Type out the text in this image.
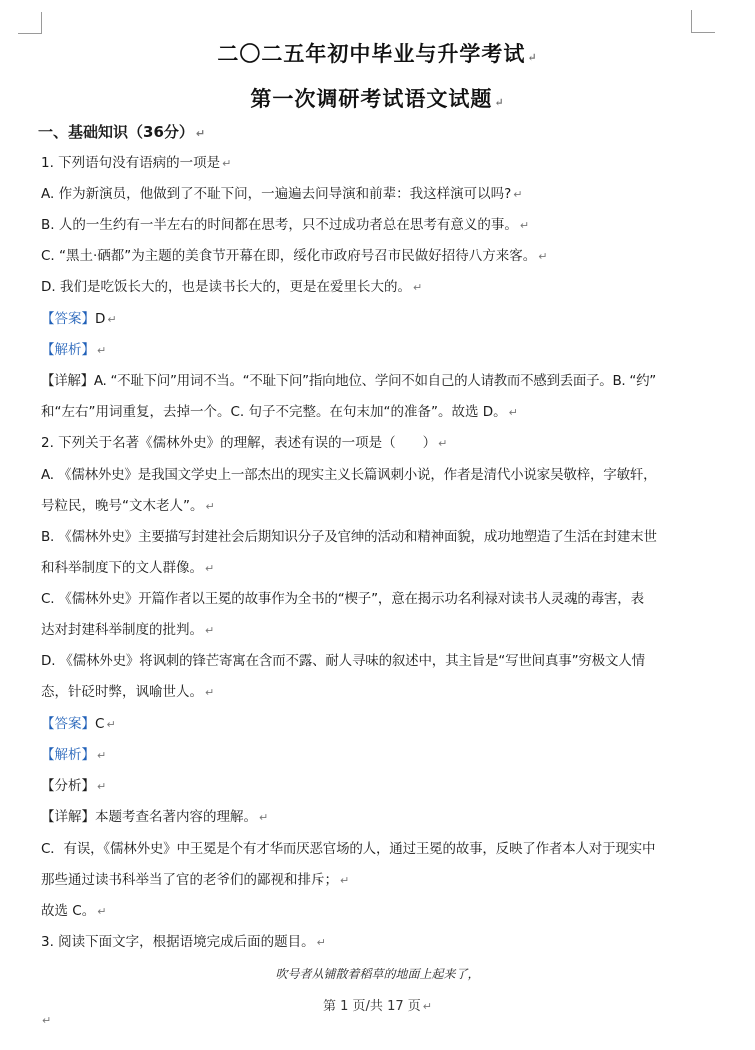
二〇二五年初中毕业与升学考试 ↵
第一次调研考试语文试题 ↵
一、基础知识（36分） ↵
1. 下列语句没有语病的一项是 ↵
A. 作为新演员，他做到了不耻下问，一遍遍去问导演和前辈：我这样演可以吗? ↵
B. 人的一生约有一半左右的时间都在思考，只不过成功者总在思考有意义的事。 ↵
C. “黑土·硒都”为主题的美食节开幕在即，绥化市政府号召市民做好招待八方来客。 ↵
D. 我们是吃饭长大的，也是读书长大的，更是在爱里长大的。 ↵
【答案】D ↵
【解析】 ↵
【详解】A. “不耻下问”用词不当。“不耻下问”指向地位、学问不如自己的人请教而不感到丢面子。B. “约”
和“左右”用词重复，去掉一个。C. 句子不完整。在句末加“的准备”。故选 D。 ↵
2. 下列关于名著《儒林外史》的理解，表述有误的一项是（　　） ↵
A. 《儒林外史》是我国文学史上一部杰出的现实主义长篇讽刺小说，作者是清代小说家吴敬梓，字敏轩，
号粒民，晚号“文木老人”。 ↵
B. 《儒林外史》主要描写封建社会后期知识分子及官绅的活动和精神面貌，成功地塑造了生活在封建末世
和科举制度下的文人群像。 ↵
C. 《儒林外史》开篇作者以王冕的故事作为全书的“楔子”，意在揭示功名利禄对读书人灵魂的毒害，表
达对封建科举制度的批判。 ↵
D. 《儒林外史》将讽刺的锋芒寄寓在含而不露、耐人寻味的叙述中，其主旨是“写世间真事”穷极文人情
态，针砭时弊，讽喻世人。 ↵
【答案】C ↵
【解析】 ↵
【分析】 ↵
【详解】本题考查名著内容的理解。 ↵
C．有误，《儒林外史》中王冕是个有才华而厌恶官场的人，通过王冕的故事，反映了作者本人对于现实中
那些通过读书科举当了官的老爷们的鄙视和排斥； ↵
故选 C。 ↵
3. 阅读下面文字，根据语境完成后面的题目。 ↵
吹号者从铺散着稻草的地面上起来了，
第 1 页/共 17 页 ↵
↵
